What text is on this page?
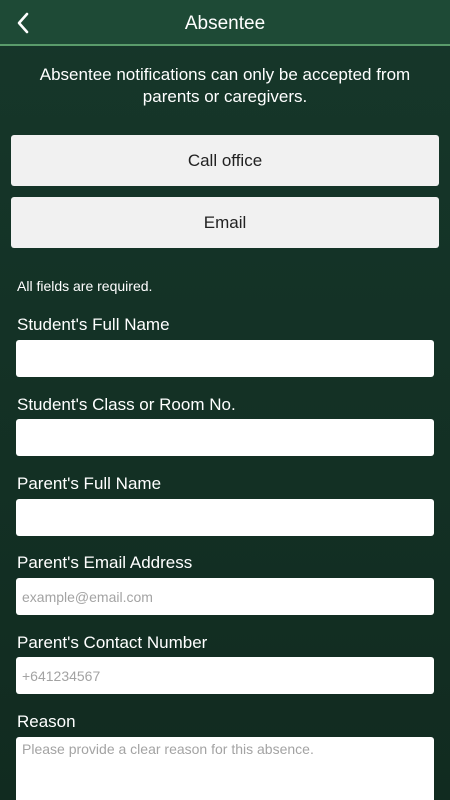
Absentee
Absentee notifications can only be accepted from parents or caregivers.
Call office
Email
All fields are required.
Student's Full Name
Student's Class or Room No.
Parent's Full Name
Parent's Email Address
example@email.com
Parent's Contact Number
+641234567
Reason
Please provide a clear reason for this absence.
